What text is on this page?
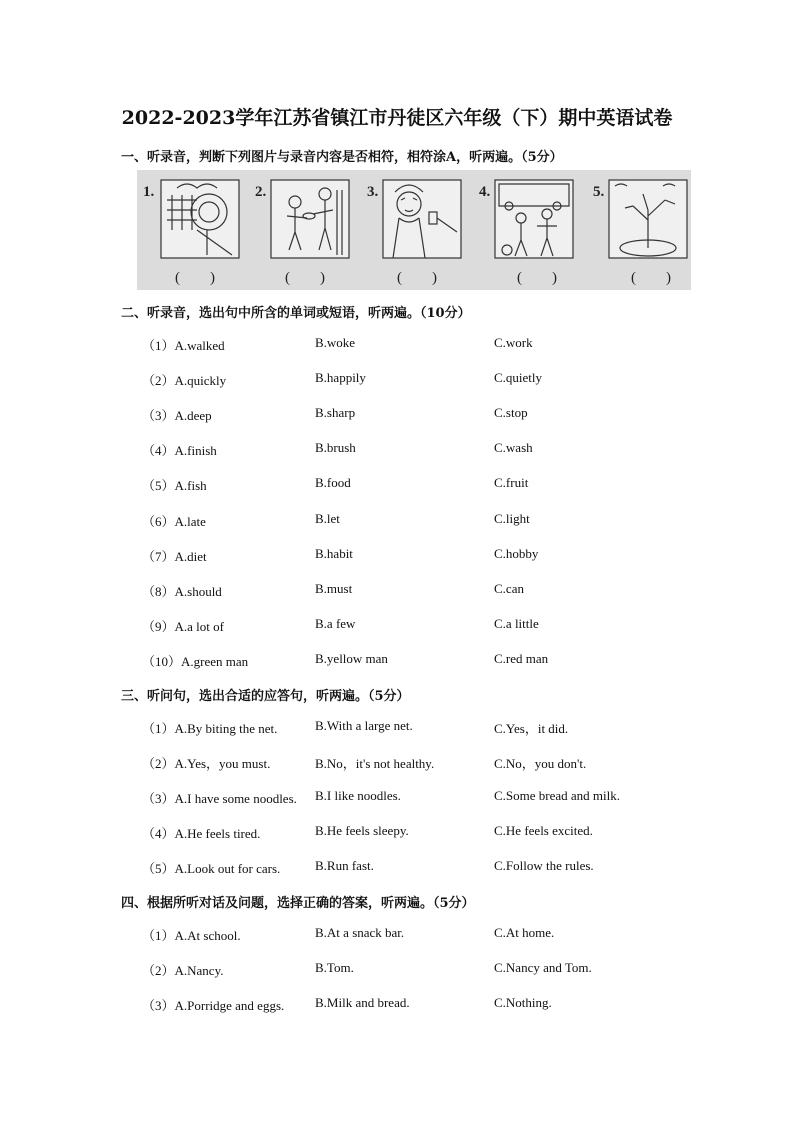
2022-2023学年江苏省镇江市丹徒区六年级（下）期中英语试卷
一、听录音，判断下列图片与录音内容是否相符，相符涂A，听两遍。（5分）
1.
(　　)
2.
(　　)
3.
(　　)
4.
(　　)
5.
(　　)
二、听录音，选出句中所含的单词或短语，听两遍。（10分）
（1）A.walked	B.woke	C.work
（2）A.quickly	B.happily	C.quietly
（3）A.deep	B.sharp	C.stop
（4）A.finish	B.brush	C.wash
（5）A.fish	B.food	C.fruit
（6）A.late	B.let	C.light
（7）A.diet	B.habit	C.hobby
（8）A.should	B.must	C.can
（9）A.a lot of	B.a few	C.a little
（10）A.green man	B.yellow man	C.red man
三、听问句，选出合适的应答句，听两遍。（5分）
（1）A.By biting the net.	B.With a large net.	C.Yes，it did.
（2）A.Yes，you must.	B.No，it's not healthy.	C.No，you don't.
（3）A.I have some noodles. B.I like noodles.	C.Some bread and milk.
（4）A.He feels tired.	B.He feels sleepy.	C.He feels excited.
（5）A.Look out for cars.	B.Run fast.	C.Follow the rules.
四、根据所听对话及问题，选择正确的答案，听两遍。（5分）
（1）A.At school.	B.At a snack bar.	C.At home.
（2）A.Nancy.	B.Tom.	C.Nancy and Tom.
（3）A.Porridge and eggs. B.Milk and bread.	C.Nothing.
